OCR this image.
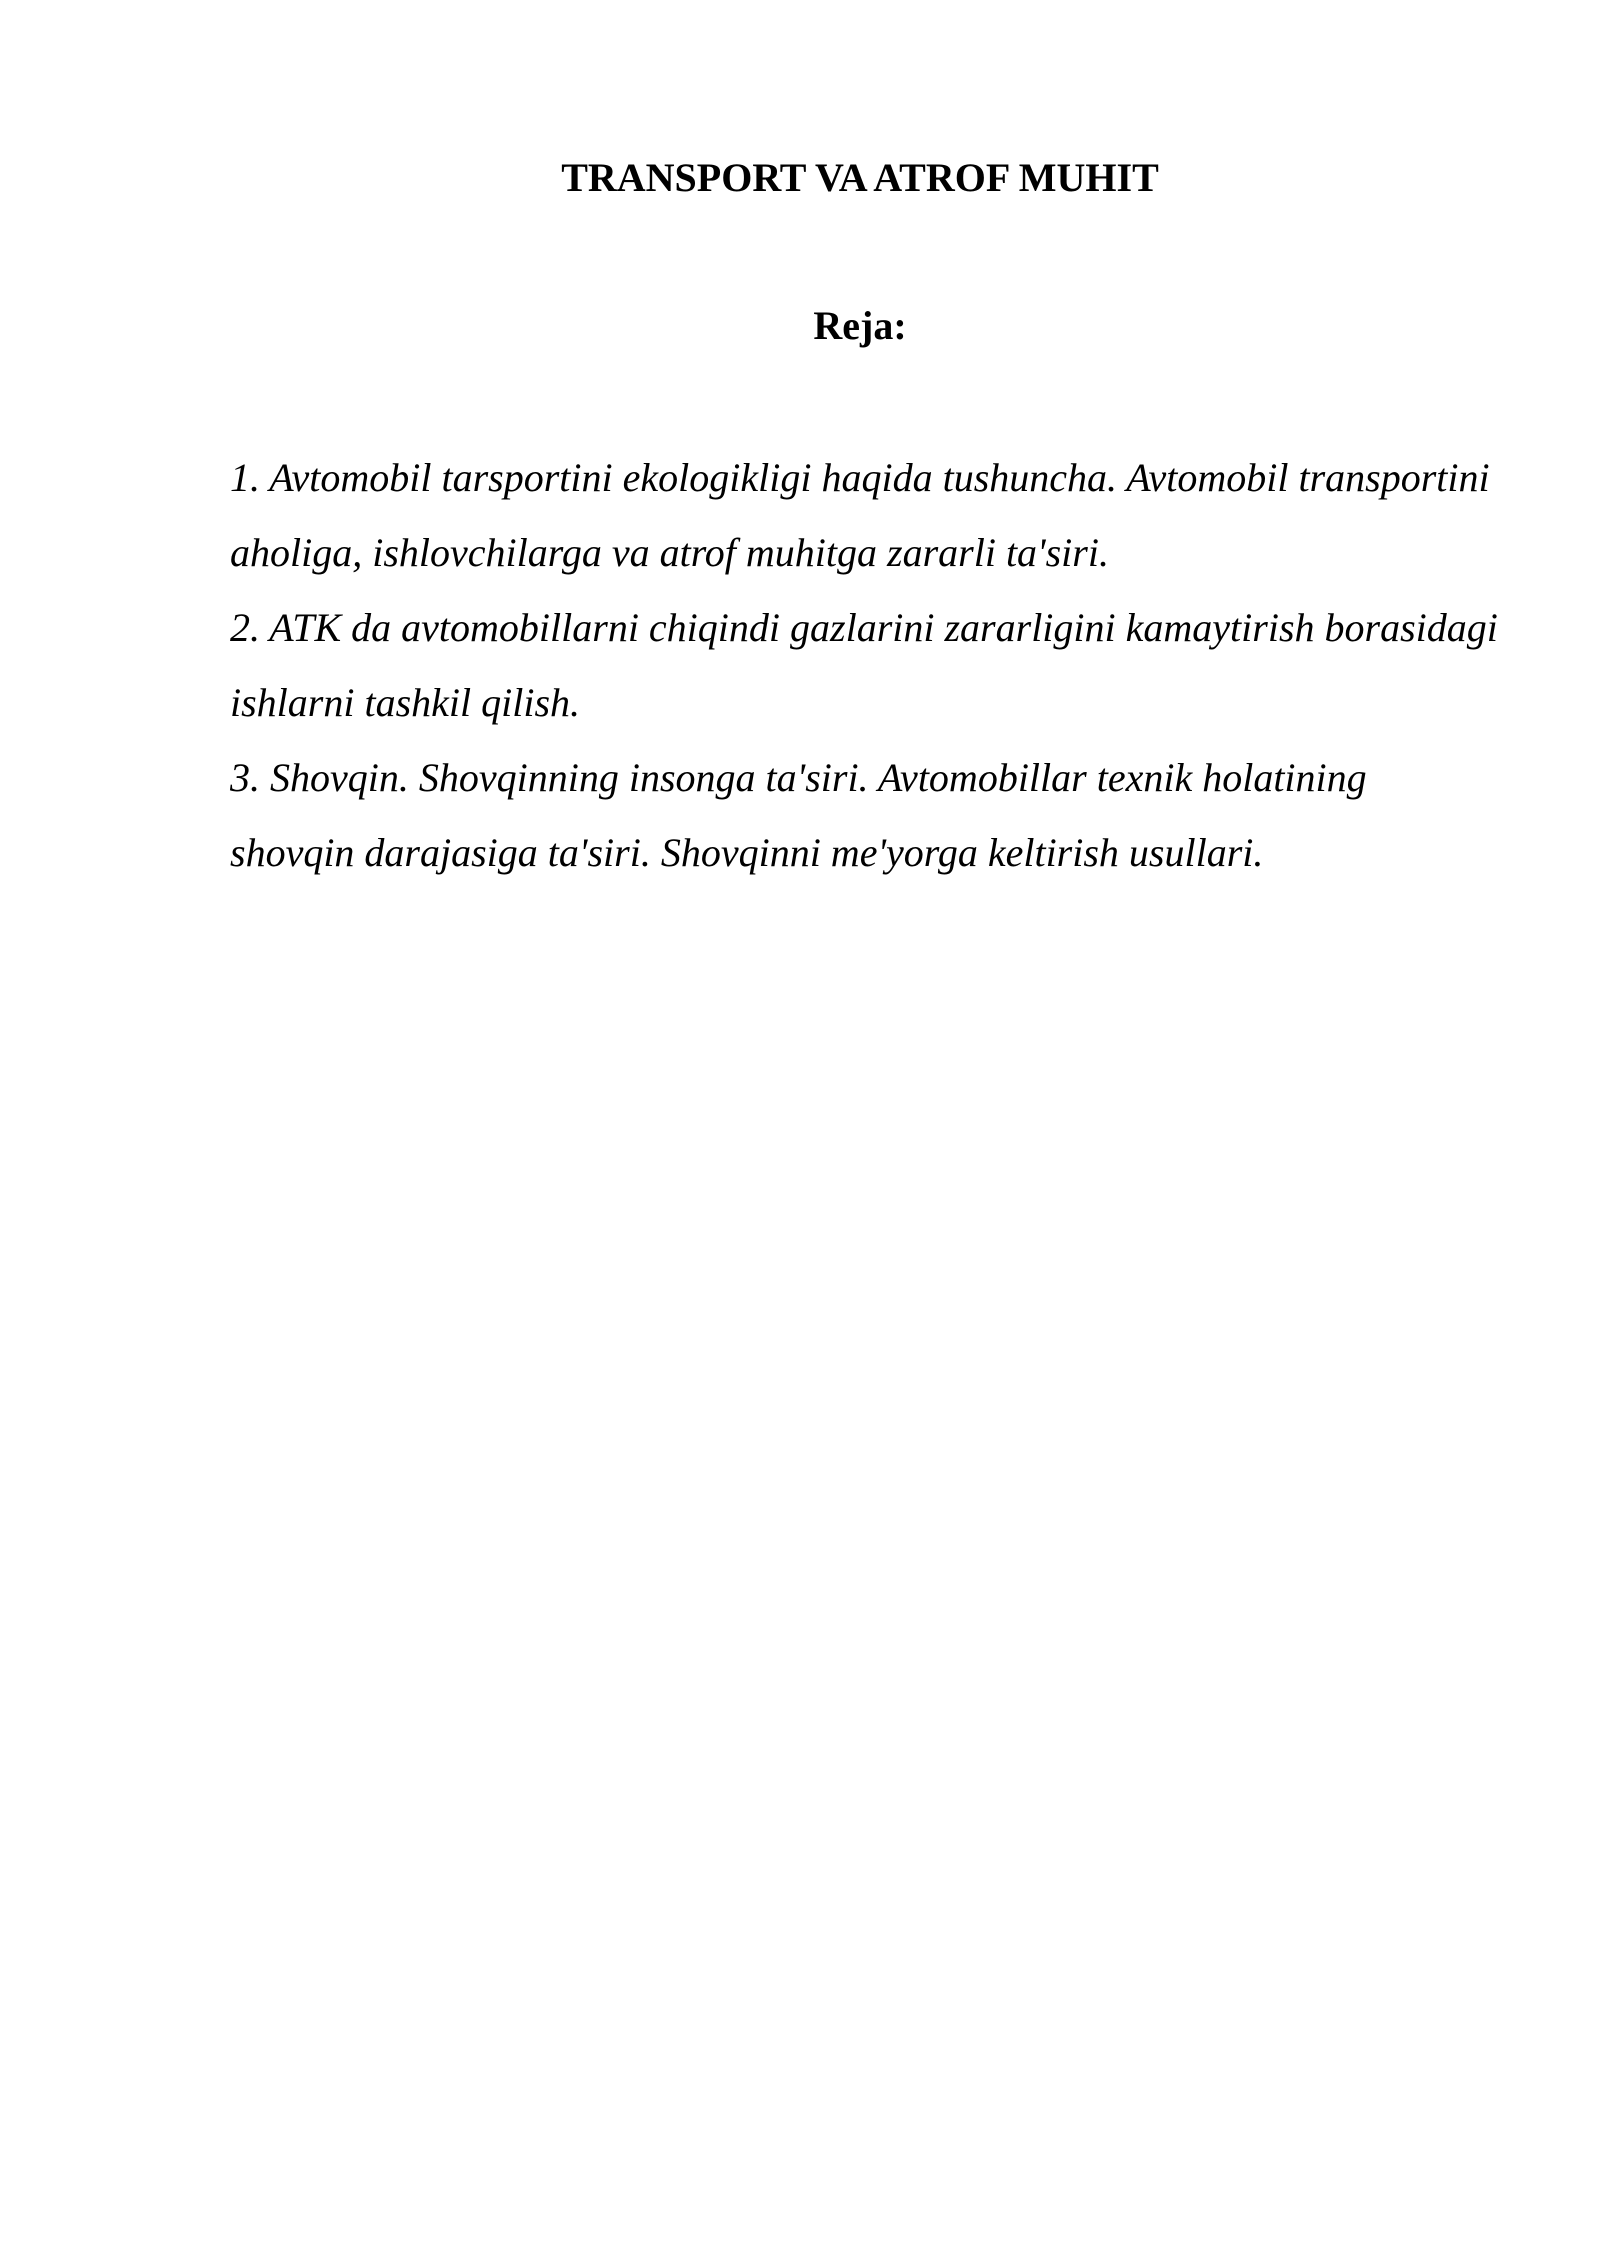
TRANSPORT VA ATROF MUHIT
Reja:
1. Avtomobil tarsportini ekologikligi haqida tushuncha. Avtomobil transportini aholiga, ishlovchilarga va atrof muhitga zararli ta'siri.
2. ATK da avtomobillarni chiqindi gazlarini zararligini kamaytirish borasidagi ishlarni tashkil qilish.
3. Shovqin. Shovqinning insonga ta'siri. Avtomobillar texnik holatining shovqin darajasiga ta'siri. Shovqinni me'yorga keltirish usullari.
